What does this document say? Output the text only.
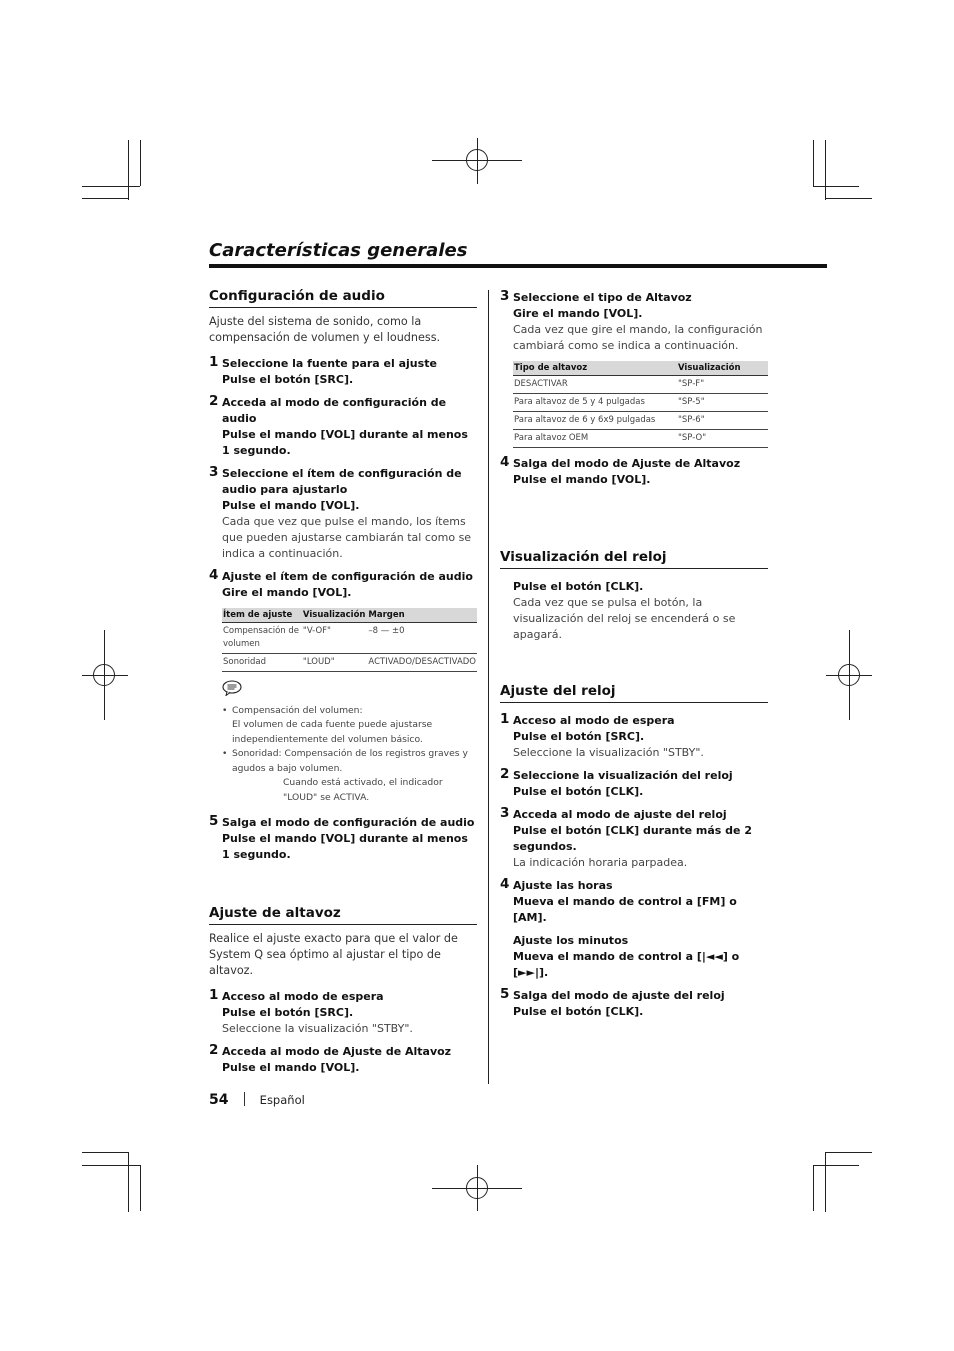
Características generales
Configuración de audio

Ajuste del sistema de sonido, como la compensación de volumen y el loudness.

1 Seleccione la fuente para el ajuste
Pulse el botón [SRC].
2 Acceda al modo de configuración de audio
Pulse el mando [VOL] durante al menos 1 segundo.
3 Seleccione el ítem de configuración de audio para ajustarlo
Pulse el mando [VOL].
Cada que vez que pulse el mando, los ítems que pueden ajustarse cambiarán tal como se indica a continuación.
4 Ajuste el ítem de configuración de audio
Gire el mando [VOL].
Ítem de ajuste	Visualización	Margen
Compensación de volumen	"V-OF"	–8 — ±0
Sonoridad	"LOUD"	ACTIVADO/DESACTIVADO
• Compensación del volumen:
El volumen de cada fuente puede ajustarse independientemente del volumen básico.
• Sonoridad: Compensación de los registros graves y agudos a bajo volumen.
Cuando está activado, el indicador "LOUD" se ACTIVA.
5 Salga el modo de configuración de audio
Pulse el mando [VOL] durante al menos 1 segundo.
Ajuste de altavoz

Realice el ajuste exacto para que el valor de System Q sea óptimo al ajustar el tipo de altavoz.

1 Acceso al modo de espera
Pulse el botón [SRC].
Seleccione la visualización "STBY".
2 Acceda al modo de Ajuste de Altavoz
Pulse el mando [VOL].
3 Seleccione el tipo de Altavoz
Gire el mando [VOL].
Cada vez que gire el mando, la configuración cambiará como se indica a continuación.
Tipo de altavoz	Visualización
DESACTIVAR	"SP-F"
Para altavoz de 5 y 4 pulgadas	"SP-5"
Para altavoz de 6 y 6x9 pulgadas	"SP-6"
Para altavoz OEM	"SP-O"
4 Salga del modo de Ajuste de Altavoz
Pulse el mando [VOL].
Visualización del reloj
Pulse el botón [CLK].
Cada vez que se pulsa el botón, la visualización del reloj se encenderá o se apagará.
Ajuste del reloj
1 Acceso al modo de espera
Pulse el botón [SRC].
Seleccione la visualización "STBY".
2 Seleccione la visualización del reloj
Pulse el botón [CLK].
3 Acceda al modo de ajuste del reloj
Pulse el botón [CLK] durante más de 2 segundos.
La indicación horaria parpadea.
4 Ajuste las horas
Mueva el mando de control a [FM] o [AM].
Ajuste los minutos
Mueva el mando de control a [|◄◄] o [►►|].
5 Salga del modo de ajuste del reloj
Pulse el botón [CLK].
54	Español
